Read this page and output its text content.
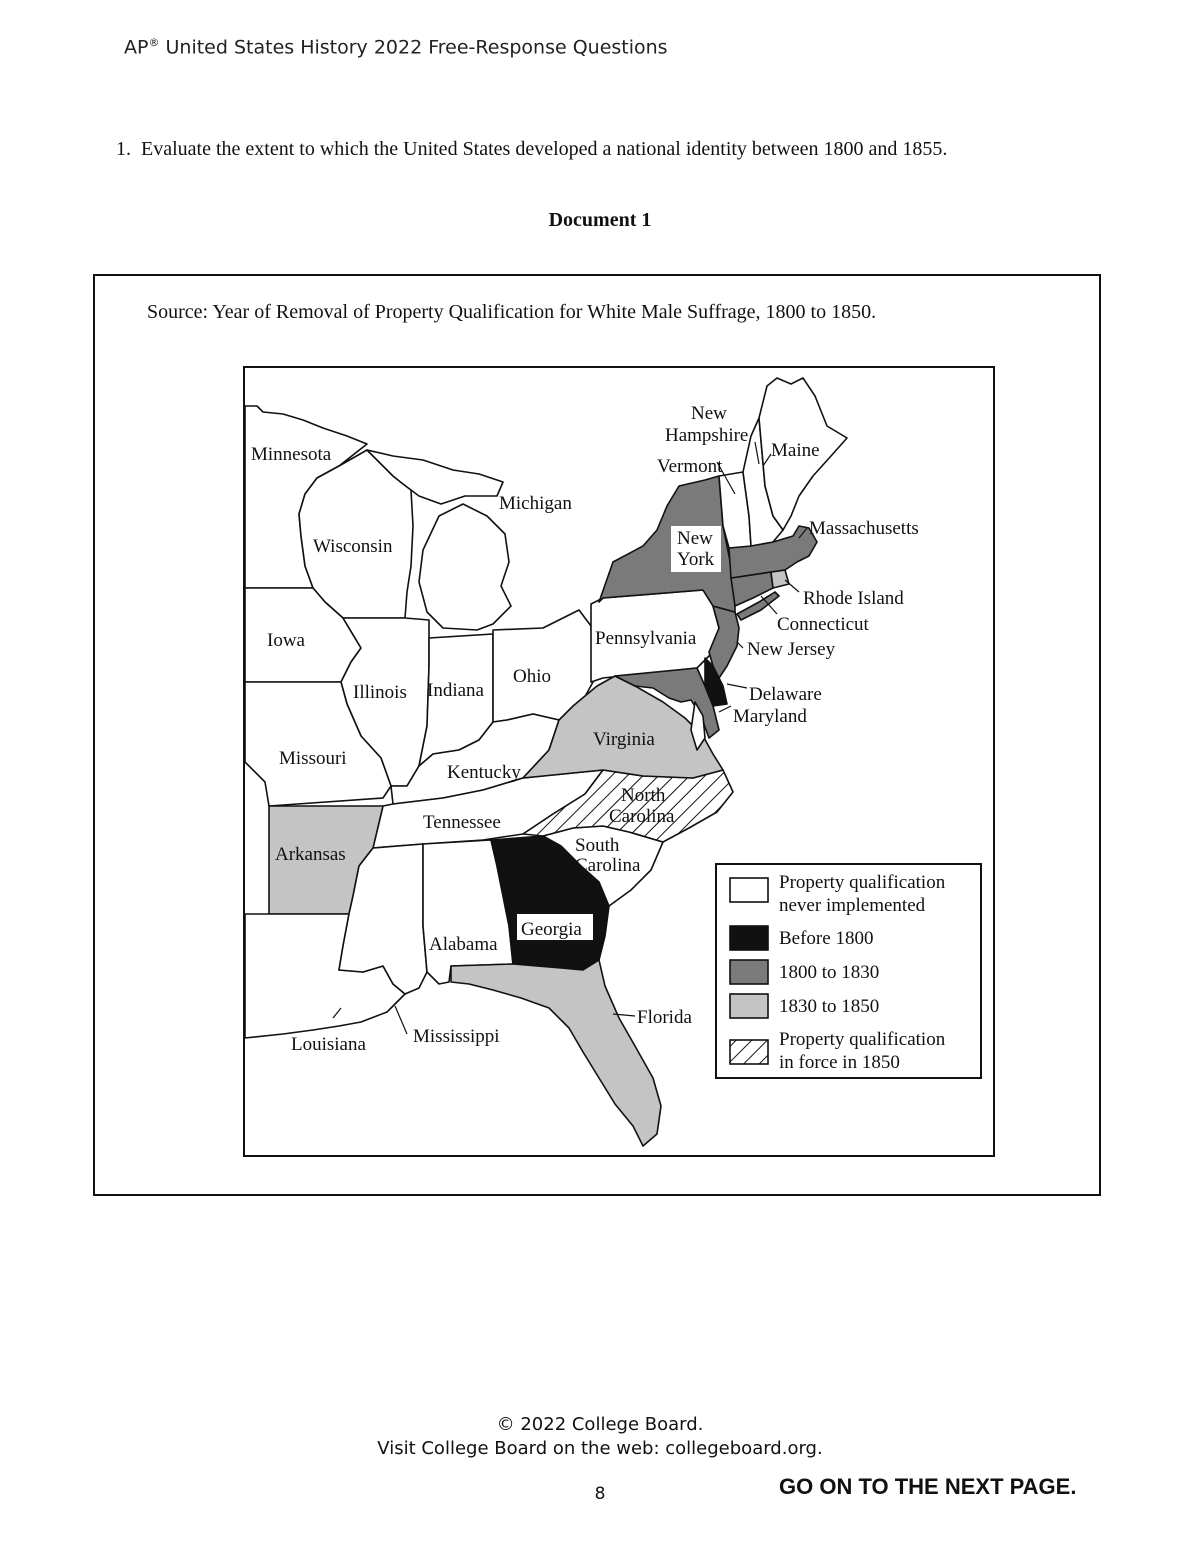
AP® United States History 2022 Free-Response Questions
1. Evaluate the extent to which the United States developed a national identity between 1800 and 1855.
Document 1
Source: Year of Removal of Property Qualification for White Male Suffrage, 1800 to 1850.
Minnesota
Wisconsin
Michigan
Iowa
Illinois Indiana
Ohio
Pennsylvania
Missouri
Kentucky
Tennessee
Arkansas
Louisiana Mississippi
Alabama
Georgia
Florida
South
Carolina
North
Carolina
Virginia
Maryland
Delaware
New Jersey
New
York
Connecticut
Rhode Island
Massachusetts
Vermont
New
Hampshire
Maine
Property qualification
never implemented
Before 1800
1800 to 1830
1830 to 1850
Property qualification
in force in 1850
© 2022 College Board.
Visit College Board on the web: collegeboard.org.
8	GO ON TO THE NEXT PAGE.
